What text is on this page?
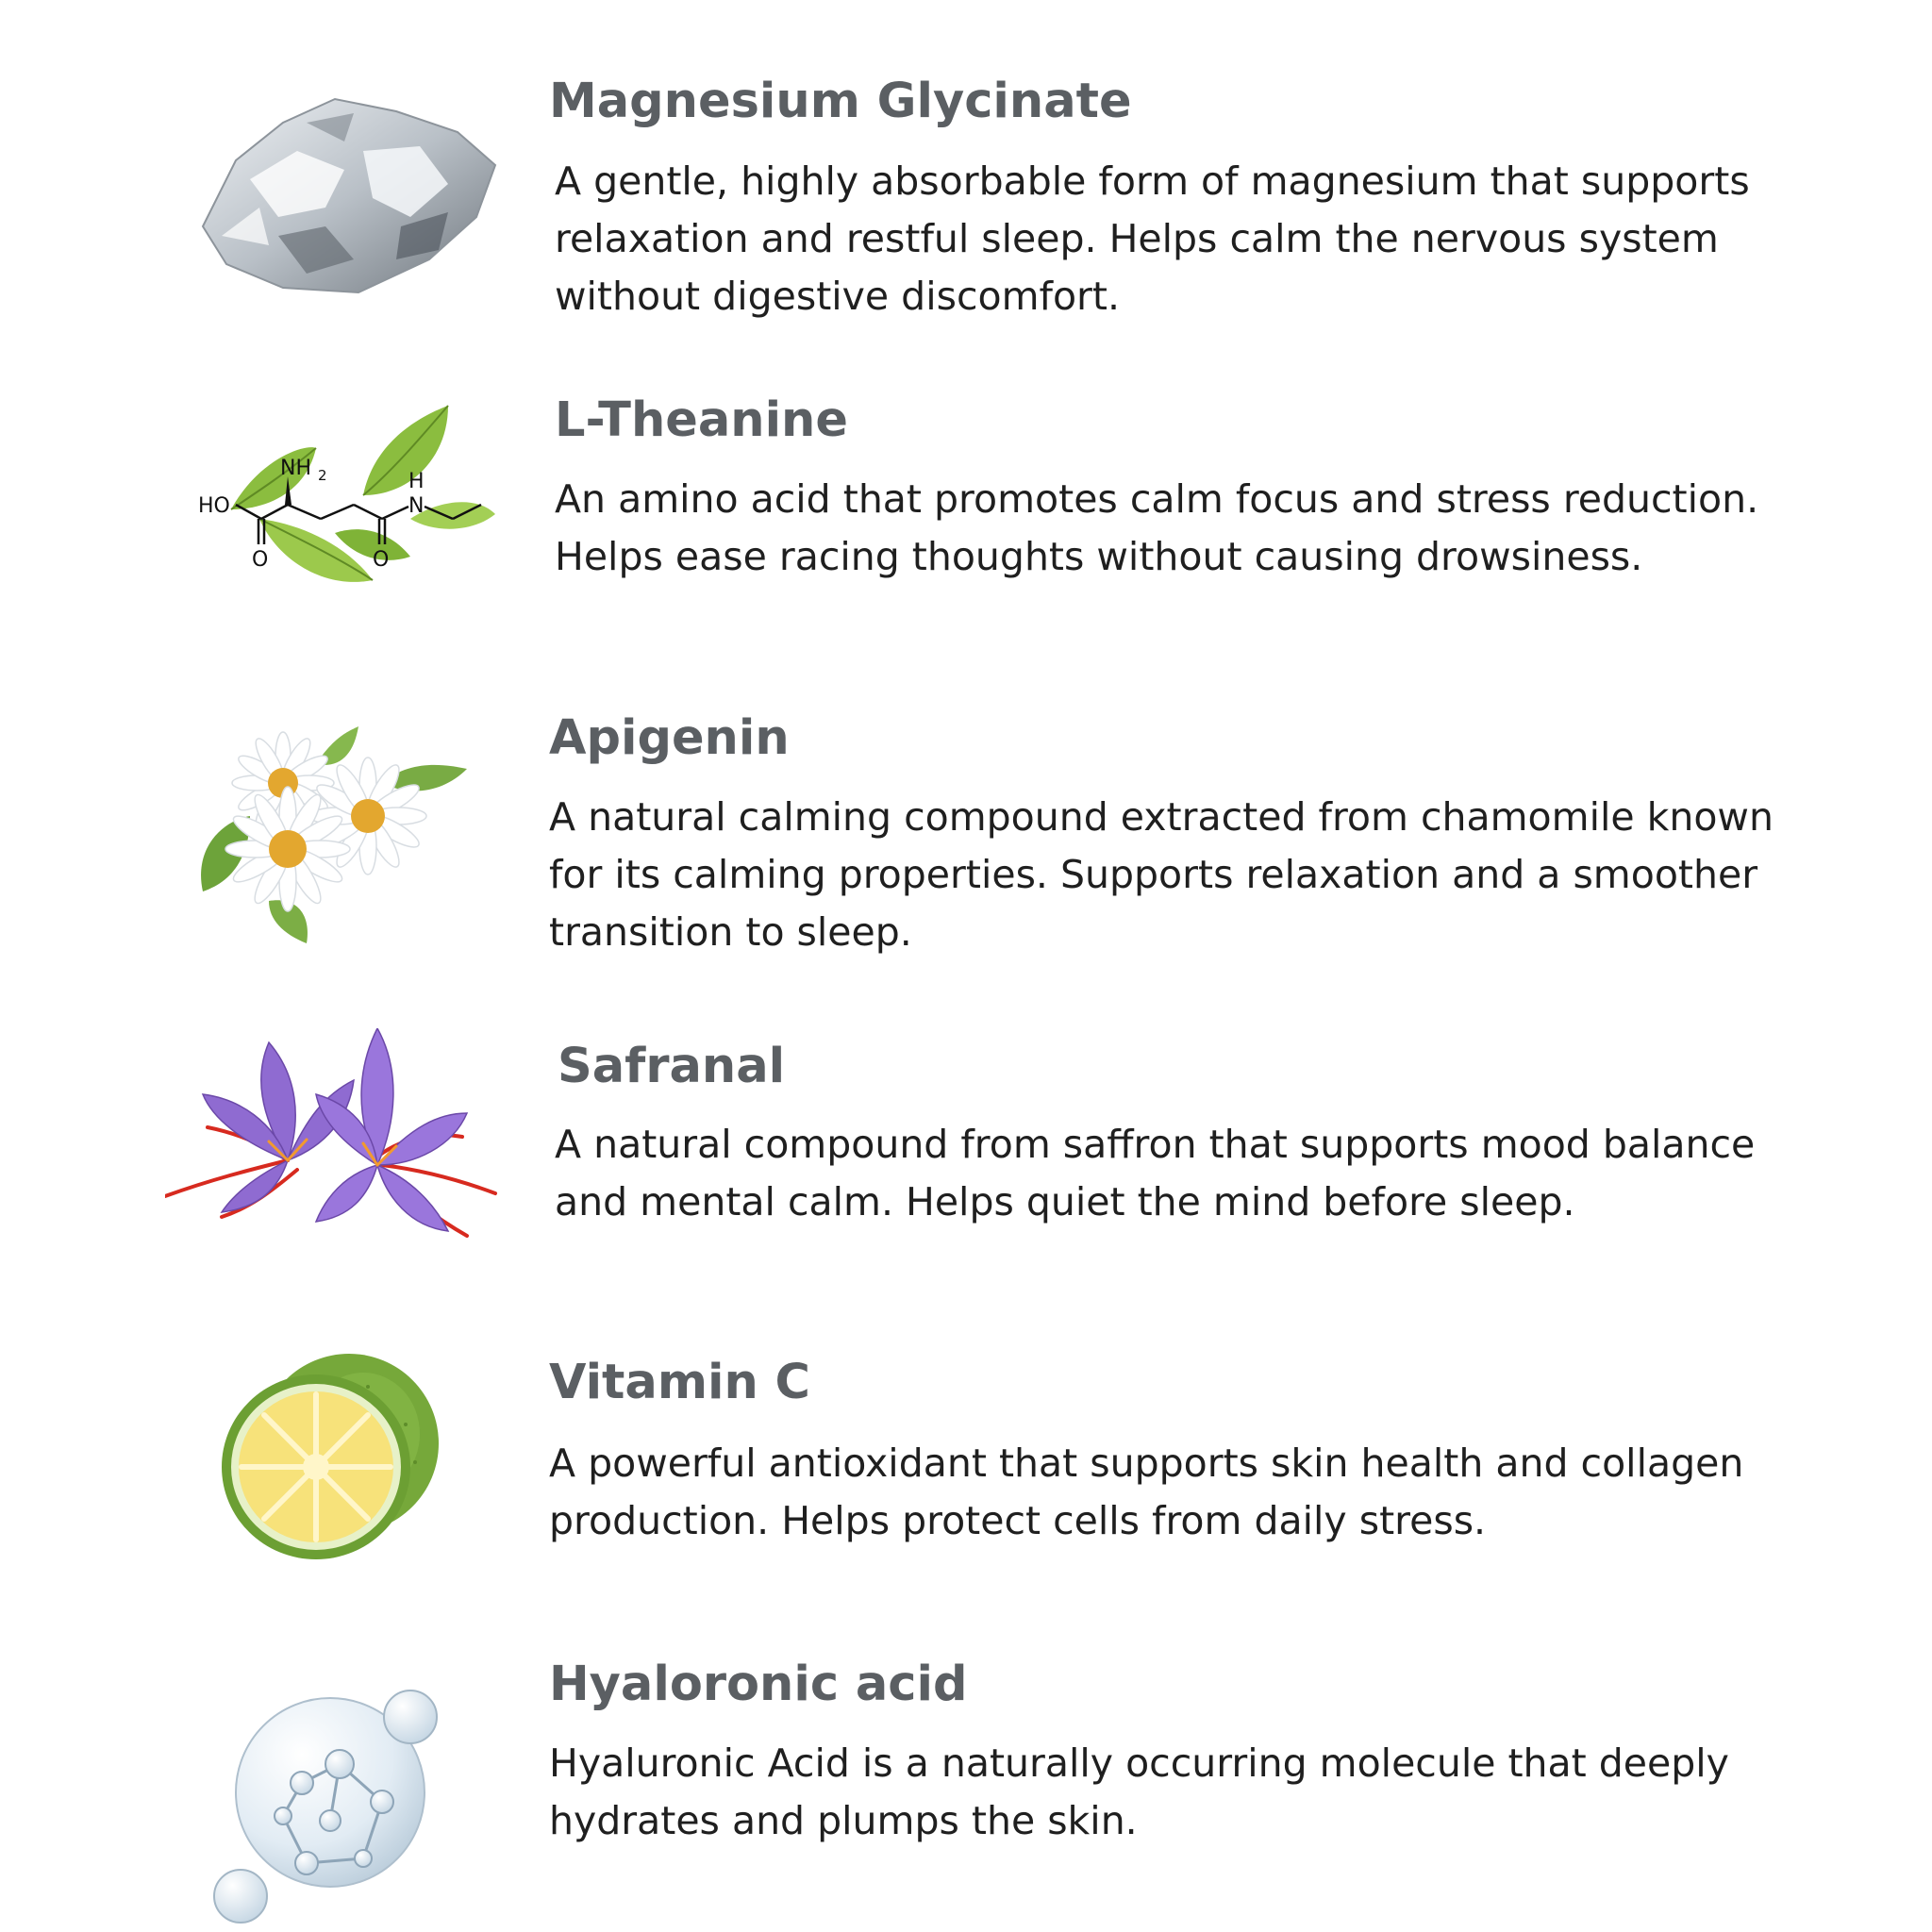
Magnesium Glycinate
A gentle, highly absorbable form of magnesium that supports relaxation and restful sleep. Helps calm the nervous system without digestive discomfort.
HO
NH 2	H
N
O	O
L-Theanine
An amino acid that promotes calm focus and stress reduction. Helps ease racing thoughts without causing drowsiness.
Apigenin
A natural calming compound extracted from chamomile known for its calming properties. Supports relaxation and a smoother transition to sleep.
Safranal
A natural compound from saffron that supports mood balance and mental calm. Helps quiet the mind before sleep.
Vitamin C
A powerful antioxidant that supports skin health and collagen production. Helps protect cells from daily stress.
Hyaloronic acid
Hyaluronic Acid is a naturally occurring molecule that deeply hydrates and plumps the skin.
